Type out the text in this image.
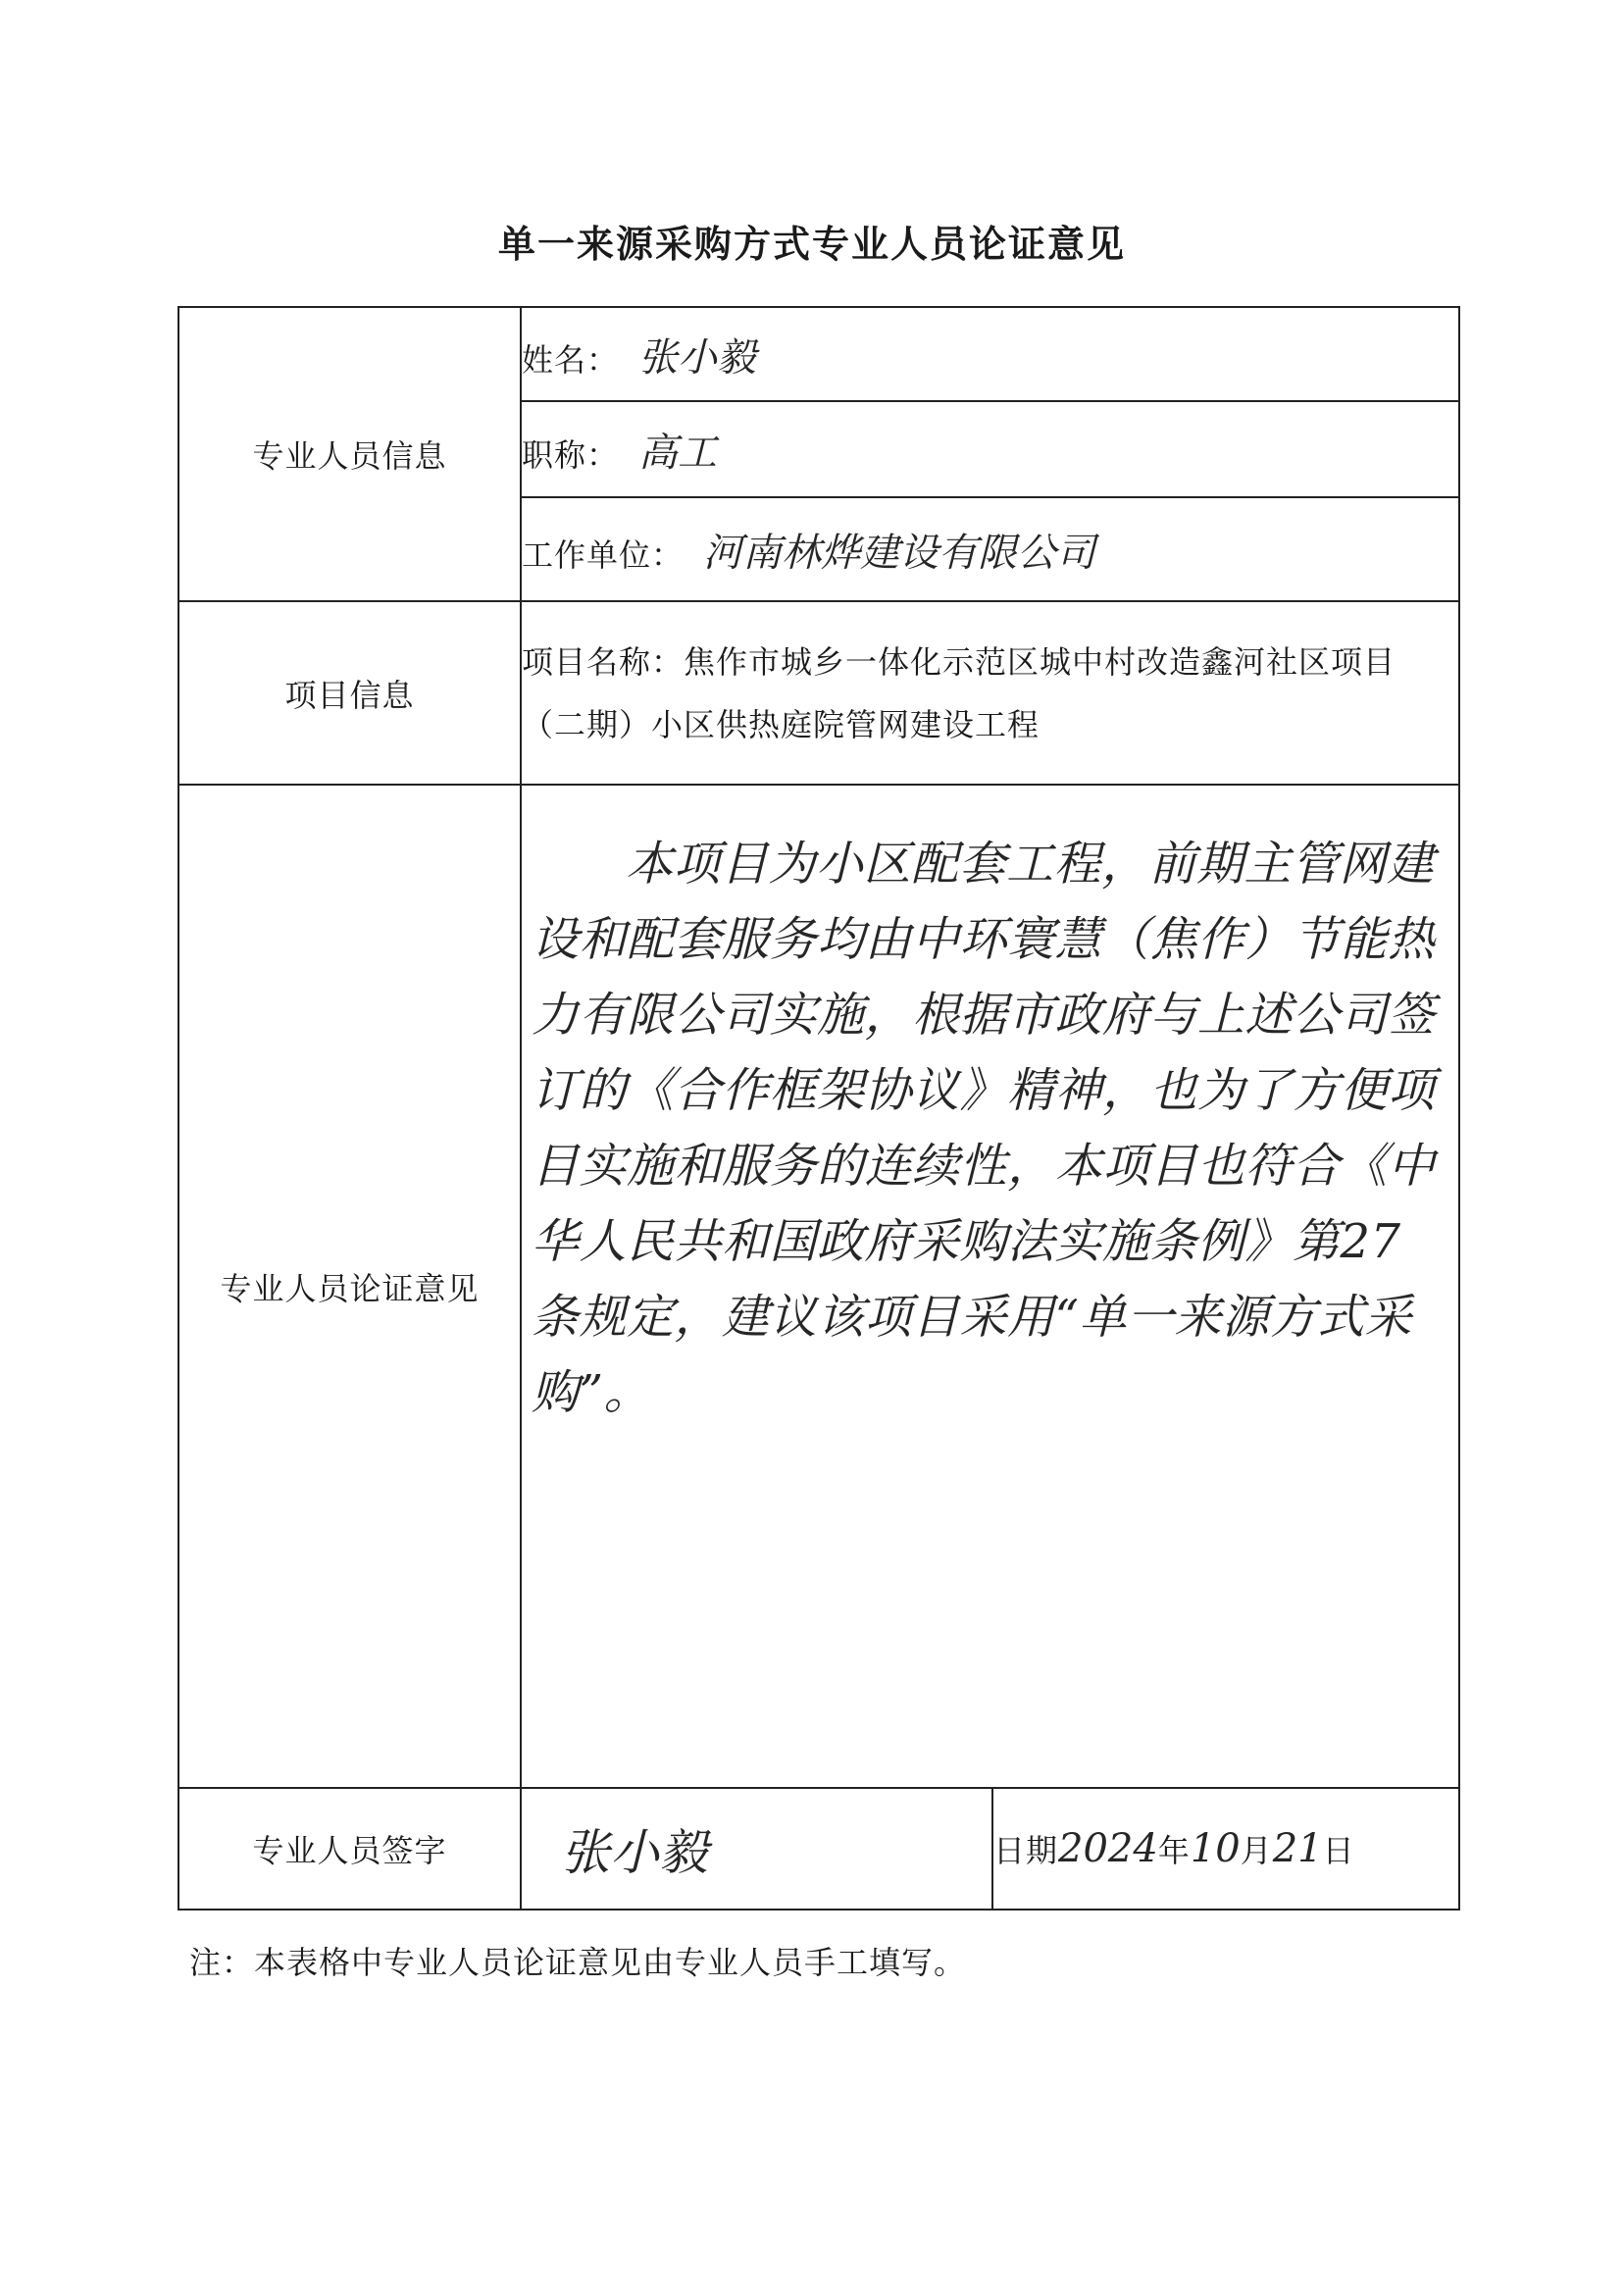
单一来源采购方式专业人员论证意见
专业人员信息	姓名： 张小毅	
	职称： 高工	
	工作单位： 河南林烨建设有限公司	
项目信息	项目名称：焦作市城乡一体化示范区城中村改造鑫河社区项目（二期）小区供热庭院管网建设工程	
专业人员论证意见	本项目为小区配套工程，前期主管网建设和配套服务均由中环寰慧（焦作）节能热力有限公司实施，根据市政府与上述公司签订的《合作框架协议》精神，也为了方便项目实施和服务的连续性，本项目也符合《中华人民共和国政府采购法实施条例》第27条规定，建议该项目采用“单一来源方式采购”。	

专业人员签字	张小毅	日期2024年10月21日
注：本表格中专业人员论证意见由专业人员手工填写。
